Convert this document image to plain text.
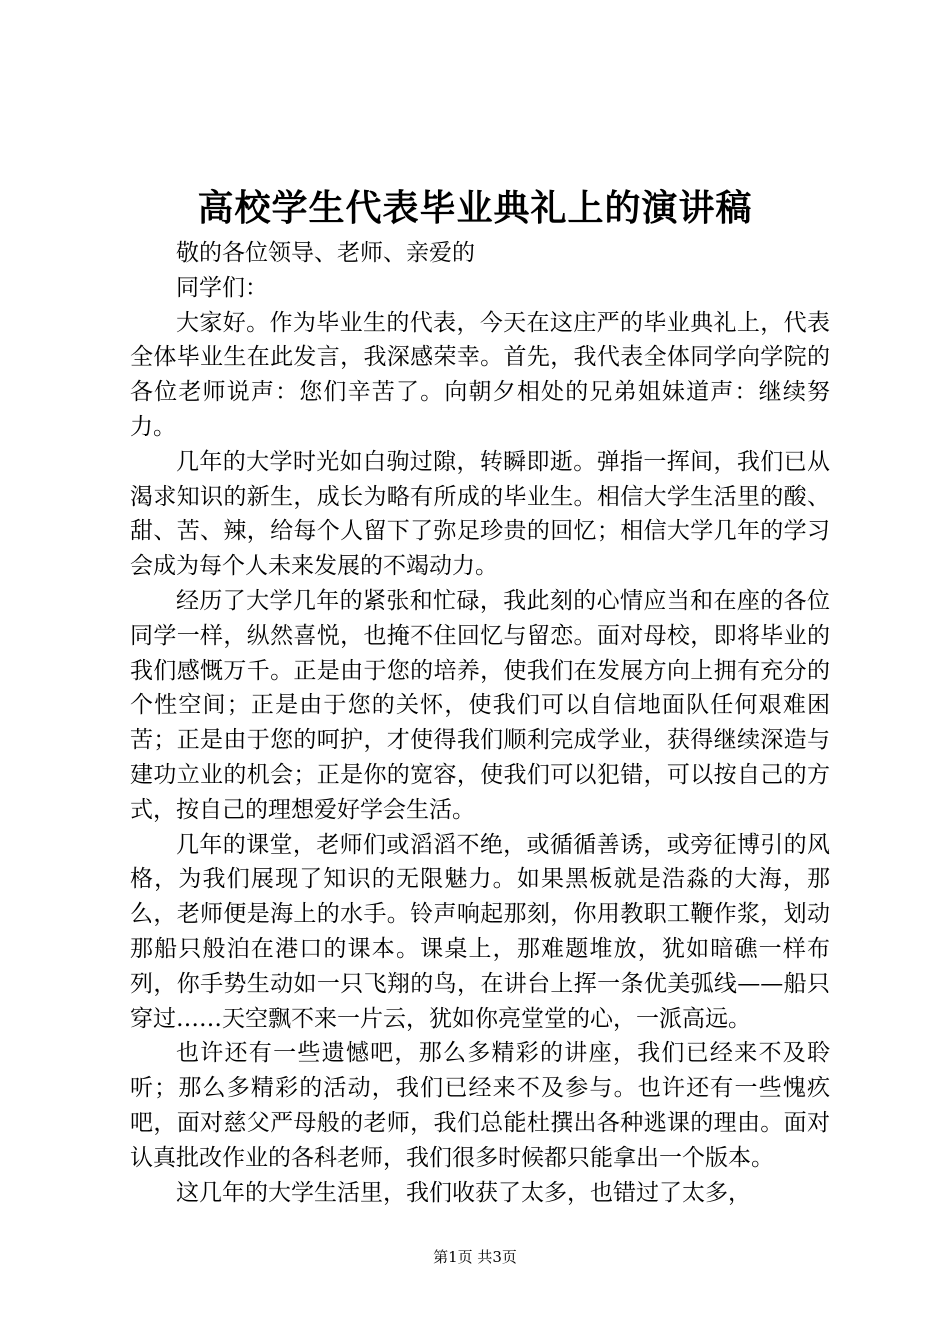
高校学生代表毕业典礼上的演讲稿

敬的各位领导、老师、亲爱的

同学们：

大家好。作为毕业生的代表，今天在这庄严的毕业典礼上，代表全体毕业生在此发言，我深感荣幸。首先，我代表全体同学向学院的各位老师说声：您们辛苦了。向朝夕相处的兄弟姐妹道声：继续努力。

几年的大学时光如白驹过隙，转瞬即逝。弹指一挥间，我们已从渴求知识的新生，成长为略有所成的毕业生。相信大学生活里的酸、甜、苦、辣，给每个人留下了弥足珍贵的回忆；相信大学几年的学习会成为每个人未来发展的不竭动力。

经历了大学几年的紧张和忙碌，我此刻的心情应当和在座的各位同学一样，纵然喜悦，也掩不住回忆与留恋。面对母校，即将毕业的我们感慨万千。正是由于您的培养，使我们在发展方向上拥有充分的个性空间；正是由于您的关怀，使我们可以自信地面队任何艰难困苦；正是由于您的呵护，才使得我们顺利完成学业，获得继续深造与建功立业的机会；正是你的宽容，使我们可以犯错，可以按自己的方式，按自己的理想爱好学会生活。

几年的课堂，老师们或滔滔不绝，或循循善诱，或旁征博引的风格，为我们展现了知识的无限魅力。如果黑板就是浩淼的大海，那么，老师便是海上的水手。铃声响起那刻，你用教职工鞭作浆，划动那船只般泊在港口的课本。课桌上，那难题堆放，犹如暗礁一样布列，你手势生动如一只飞翔的鸟，在讲台上挥一条优美弧线——船只穿过……天空飘不来一片云，犹如你亮堂堂的心，一派高远。

也许还有一些遗憾吧，那么多精彩的讲座，我们已经来不及聆听；那么多精彩的活动，我们已经来不及参与。也许还有一些愧疚吧，面对慈父严母般的老师，我们总能杜撰出各种逃课的理由。面对认真批改作业的各科老师，我们很多时候都只能拿出一个版本。

这几年的大学生活里，我们收获了太多，也错过了太多，

第1页 共3页
